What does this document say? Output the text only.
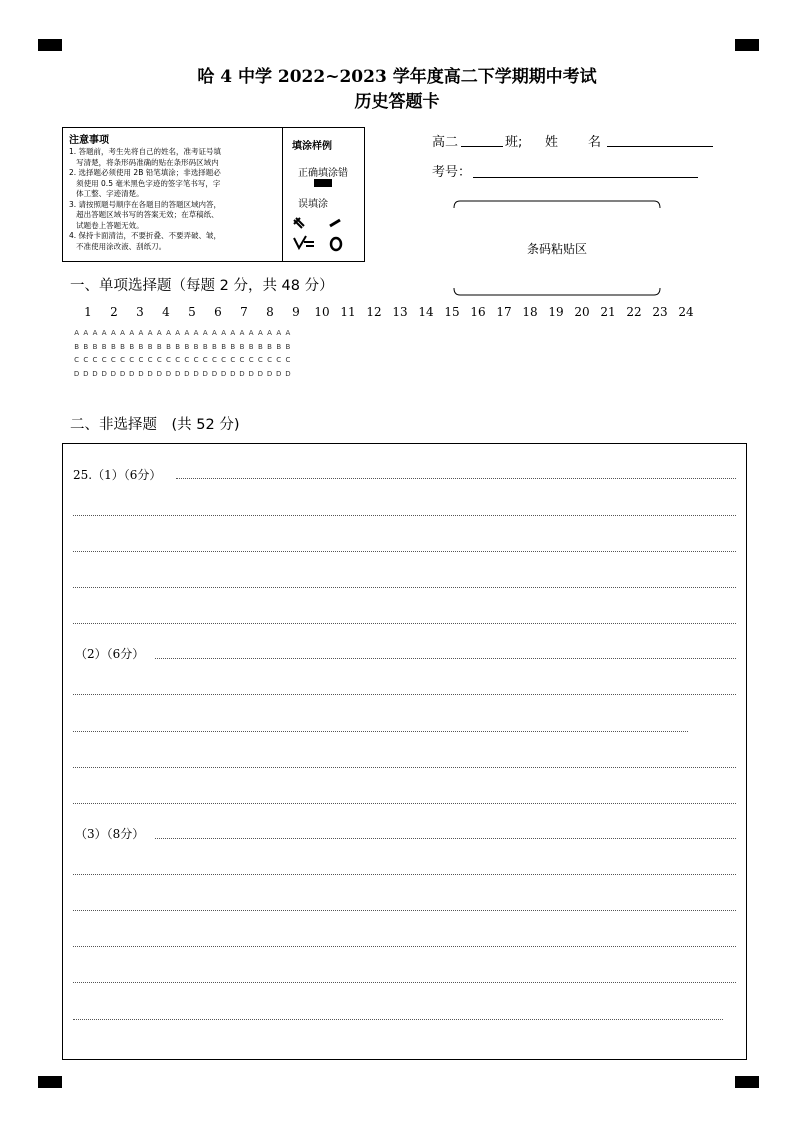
哈 4 中学 2022~2023 学年度高二下学期期中考试
历史答题卡
注意事项
1. 答题前，考生先将自己的姓名，准考证号填
写清楚，将条形码准确的贴在条形码区域内
2. 选择题必须使用 2B 铅笔填涂；非选择题必
须使用 0.5 毫米黑色字迹的签字笔书写，字
体工整、字迹清楚。
3. 请按照题号顺序在各题目的答题区域内答，
超出答题区域书写的答案无效；在草稿纸、
试题卷上答题无效。
4. 保持卡面清洁，不要折叠、不要弄破、皱，
不准使用涂改液、刮纸刀。
填涂样例
正确填涂错
误填涂
高二	班; 姓 名
考号：
条码粘贴区
一、单项选择题（每题 2 分，共 48 分）
1	2	3	4	5	6	7	8	9	10 11 12 13 14 15 16 17 18 19 20 21 22 23 24
A A A A A A A A A A A A A A A A A A A A A A A A
B B B B B B B B B B B B B B B B B B B B B B B B
C C C C C C C C C C C C C C C C C C C C C C C C
D D D D D D D D D D D D D D D D D D D D D D D D
二、非选择题　(共 52 分)
25.（1）（6分）
（2）（6分）
（3）（8分）
